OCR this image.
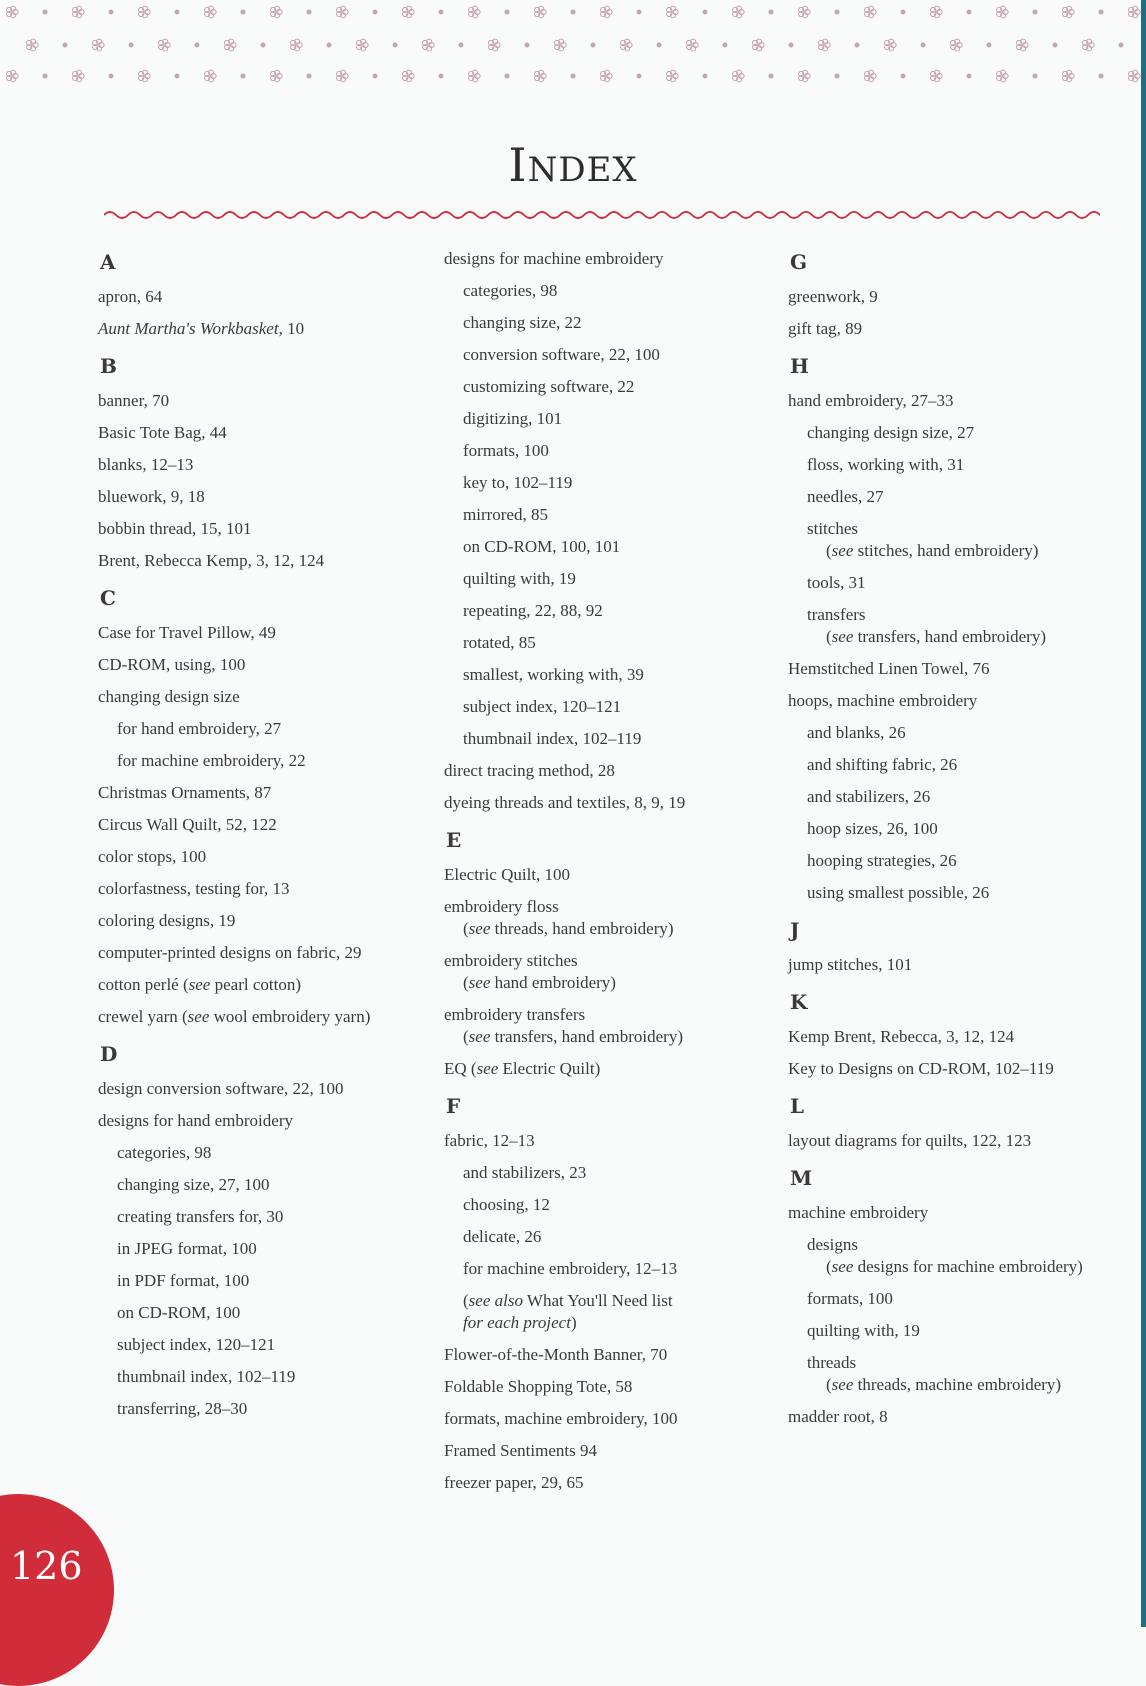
INDEX
A
apron, 64
Aunt Martha's Workbasket, 10
B
banner, 70
Basic Tote Bag, 44
blanks, 12–13
bluework, 9, 18
bobbin thread, 15, 101
Brent, Rebecca Kemp, 3, 12, 124
C
Case for Travel Pillow, 49
CD-ROM, using, 100
changing design size
for hand embroidery, 27
for machine embroidery, 22
Christmas Ornaments, 87
Circus Wall Quilt, 52, 122
color stops, 100
colorfastness, testing for, 13
coloring designs, 19
computer-printed designs on fabric, 29
cotton perlé (see pearl cotton)
crewel yarn (see wool embroidery yarn)
D
design conversion software, 22, 100
designs for hand embroidery
categories, 98
changing size, 27, 100
creating transfers for, 30
in JPEG format, 100
in PDF format, 100
on CD-ROM, 100
subject index, 120–121
thumbnail index, 102–119
transferring, 28–30
designs for machine embroidery
categories, 98
changing size, 22
conversion software, 22, 100
customizing software, 22
digitizing, 101
formats, 100
key to, 102–119
mirrored, 85
on CD-ROM, 100, 101
quilting with, 19
repeating, 22, 88, 92
rotated, 85
smallest, working with, 39
subject index, 120–121
thumbnail index, 102–119
direct tracing method, 28
dyeing threads and textiles, 8, 9, 19
E
Electric Quilt, 100
embroidery floss
(see threads, hand embroidery)
embroidery stitches
(see hand embroidery)
embroidery transfers
(see transfers, hand embroidery)
EQ (see Electric Quilt)
F
fabric, 12–13
and stabilizers, 23
choosing, 12
delicate, 26
for machine embroidery, 12–13
(see also What You'll Need list
for each project)
Flower-of-the-Month Banner, 70
Foldable Shopping Tote, 58
formats, machine embroidery, 100
Framed Sentiments 94
freezer paper, 29, 65
G
greenwork, 9
gift tag, 89
H
hand embroidery, 27–33
changing design size, 27
floss, working with, 31
needles, 27
stitches
(see stitches, hand embroidery)
tools, 31
transfers
(see transfers, hand embroidery)
Hemstitched Linen Towel, 76
hoops, machine embroidery
and blanks, 26
and shifting fabric, 26
and stabilizers, 26
hoop sizes, 26, 100
hooping strategies, 26
using smallest possible, 26
J
jump stitches, 101
K
Kemp Brent, Rebecca, 3, 12, 124
Key to Designs on CD-ROM, 102–119
L
layout diagrams for quilts, 122, 123
M
machine embroidery
designs
(see designs for machine embroidery)
formats, 100
quilting with, 19
threads
(see threads, machine embroidery)
madder root, 8
126
